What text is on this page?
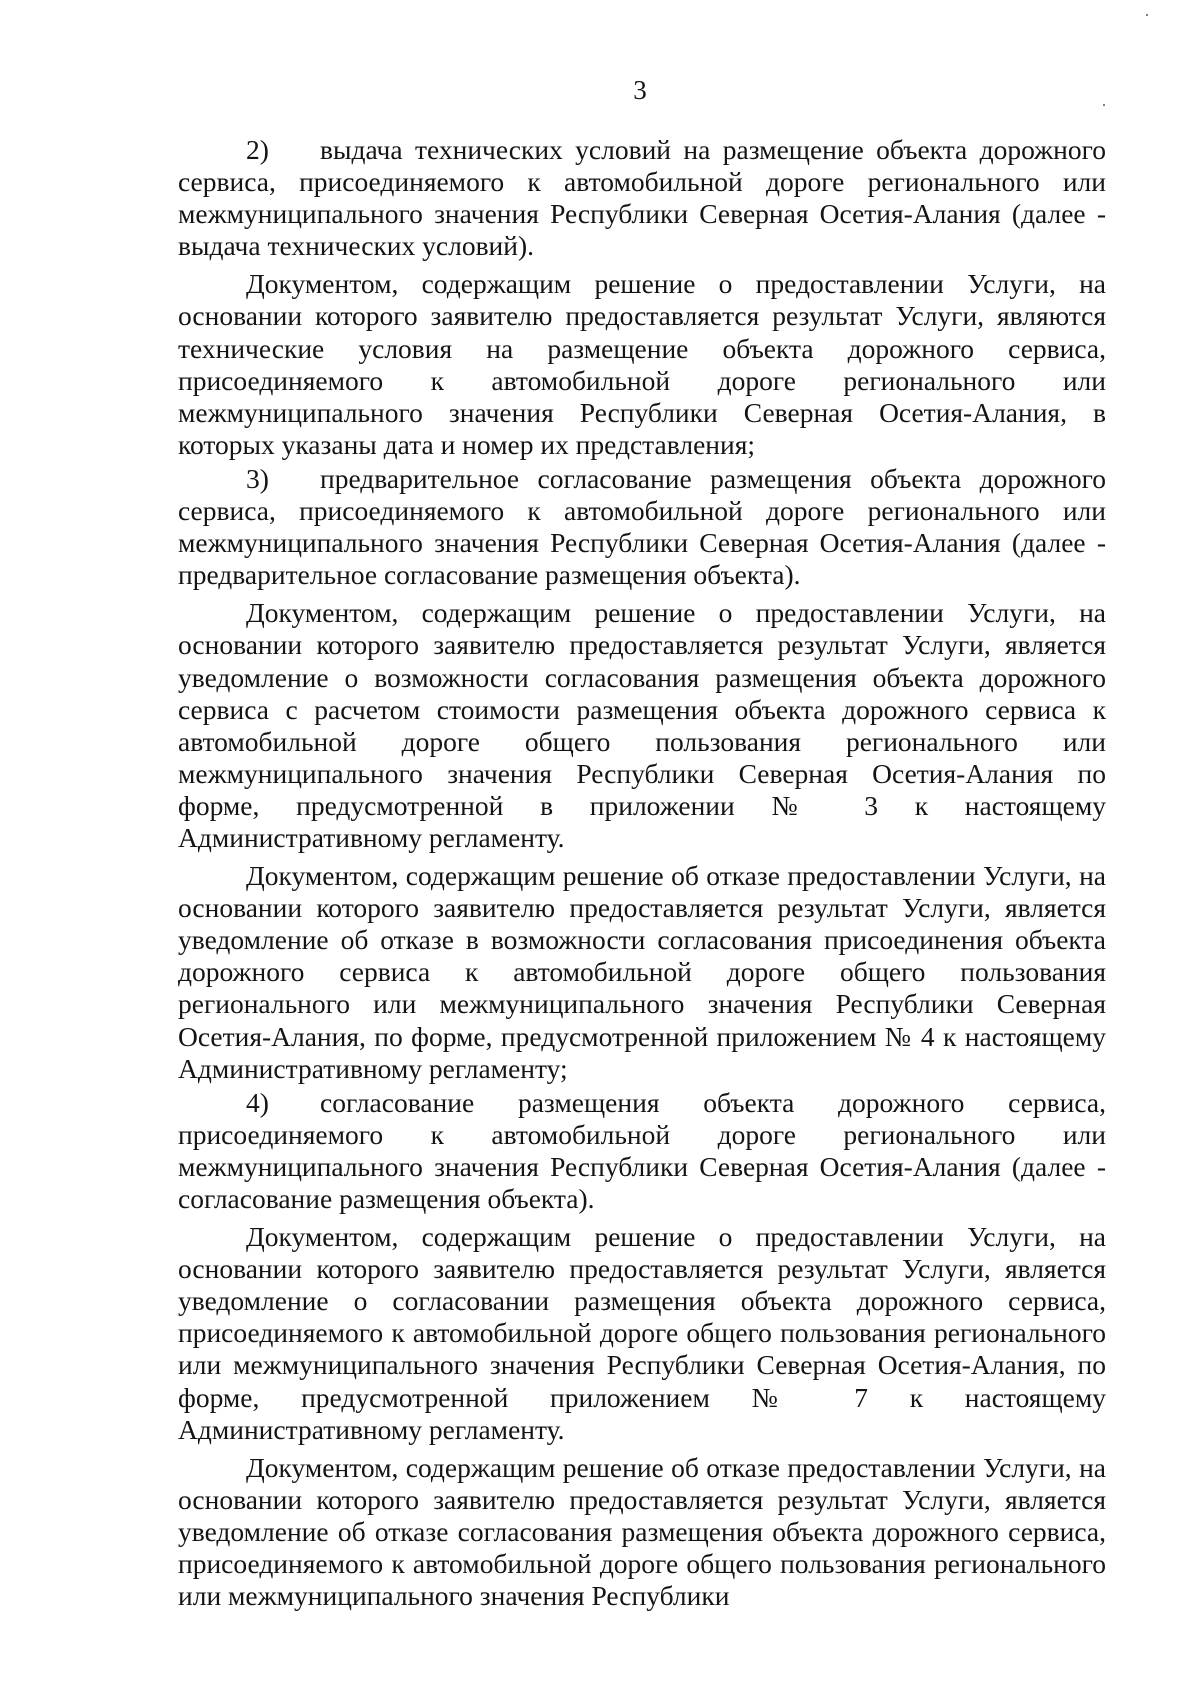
3

2) выдача технических условий на размещение объекта дорожного сервиса, присоединяемого к автомобильной дороге регионального или межмуниципального значения Республики Северная Осетия-Алания (далее - выдача технических условий).

Документом, содержащим решение о предоставлении Услуги, на основании которого заявителю предоставляется результат Услуги, являются технические условия на размещение объекта дорожного сервиса, присоединяемого к автомобильной дороге регионального или межмуниципального значения Республики Северная Осетия-Алания, в которых указаны дата и номер их представления;

3) предварительное согласование размещения объекта дорожного сервиса, присоединяемого к автомобильной дороге регионального или межмуниципального значения Республики Северная Осетия-Алания (далее - предварительное согласование размещения объекта).

Документом, содержащим решение о предоставлении Услуги, на основании которого заявителю предоставляется результат Услуги, является уведомление о возможности согласования размещения объекта дорожного сервиса с расчетом стоимости размещения объекта дорожного сервиса к автомобильной дороге общего пользования регионального или межмуниципального значения Республики Северная Осетия-Алания по форме, предусмотренной в приложении № 3 к настоящему Административному регламенту.

Документом, содержащим решение об отказе предоставлении Услуги, на основании которого заявителю предоставляется результат Услуги, является уведомление об отказе в возможности согласования присоединения объекта дорожного сервиса к автомобильной дороге общего пользования регионального или межмуниципального значения Республики Северная Осетия-Алания, по форме, предусмотренной приложением № 4 к настоящему Административному регламенту;

4) согласование размещения объекта дорожного сервиса, присоединяемого к автомобильной дороге регионального или межмуниципального значения Республики Северная Осетия-Алания (далее - согласование размещения объекта).

Документом, содержащим решение о предоставлении Услуги, на основании которого заявителю предоставляется результат Услуги, является уведомление о согласовании размещения объекта дорожного сервиса, присоединяемого к автомобильной дороге общего пользования регионального или межмуниципального значения Республики Северная Осетия-Алания, по форме, предусмотренной приложением № 7 к настоящему Административному регламенту.

Документом, содержащим решение об отказе предоставлении Услуги, на основании которого заявителю предоставляется результат Услуги, является уведомление об отказе согласования размещения объекта дорожного сервиса, присоединяемого к автомобильной дороге общего пользования регионального или межмуниципального значения Республики
